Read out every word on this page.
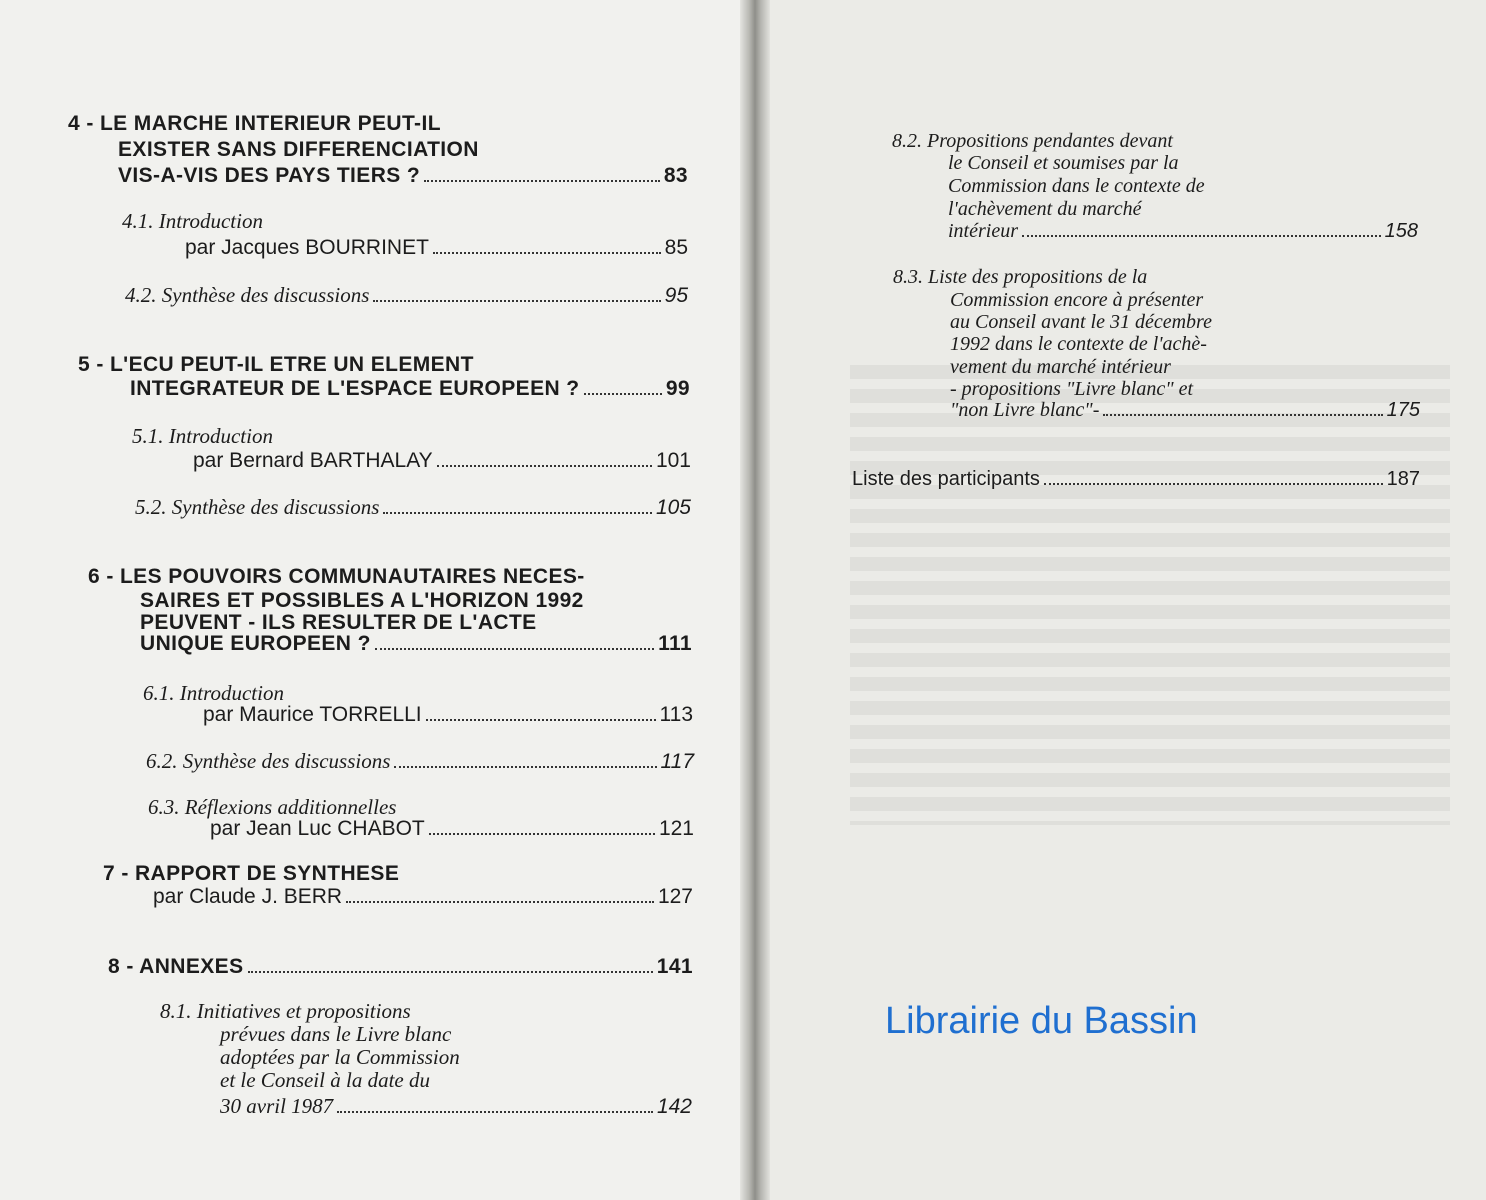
4 - LE MARCHE INTERIEUR PEUT-IL
EXISTER SANS DIFFERENCIATION
VIS-A-VIS DES PAYS TIERS ?	83
4.1. Introduction
par Jacques BOURRINET	85
4.2. Synthèse des discussions	95
5 - L'ECU PEUT-IL ETRE UN ELEMENT
INTEGRATEUR DE L'ESPACE EUROPEEN ?	99
5.1. Introduction
par Bernard BARTHALAY	101
5.2. Synthèse des discussions	105
6 - LES POUVOIRS COMMUNAUTAIRES NECES-
SAIRES ET POSSIBLES A L'HORIZON 1992
PEUVENT - ILS RESULTER DE L'ACTE
UNIQUE EUROPEEN ?	111
6.1. Introduction
par Maurice TORRELLI	113
6.2. Synthèse des discussions	117
6.3. Réflexions additionnelles
par Jean Luc CHABOT	121
7 - RAPPORT DE SYNTHESE
par Claude J. BERR	127
8 - ANNEXES	141
8.1. Initiatives et propositions
prévues dans le Livre blanc
adoptées par la Commission
et le Conseil à la date du
30 avril 1987	142
8.2. Propositions pendantes devant
le Conseil et soumises par la
Commission dans le contexte de
l'achèvement du marché
intérieur	158
8.3. Liste des propositions de la
Commission encore à présenter
au Conseil avant le 31 décembre
1992 dans le contexte de l'achè-
vement du marché intérieur
- propositions "Livre blanc" et
"non Livre blanc"-	175
Liste des participants	187
Librairie du Bassin
